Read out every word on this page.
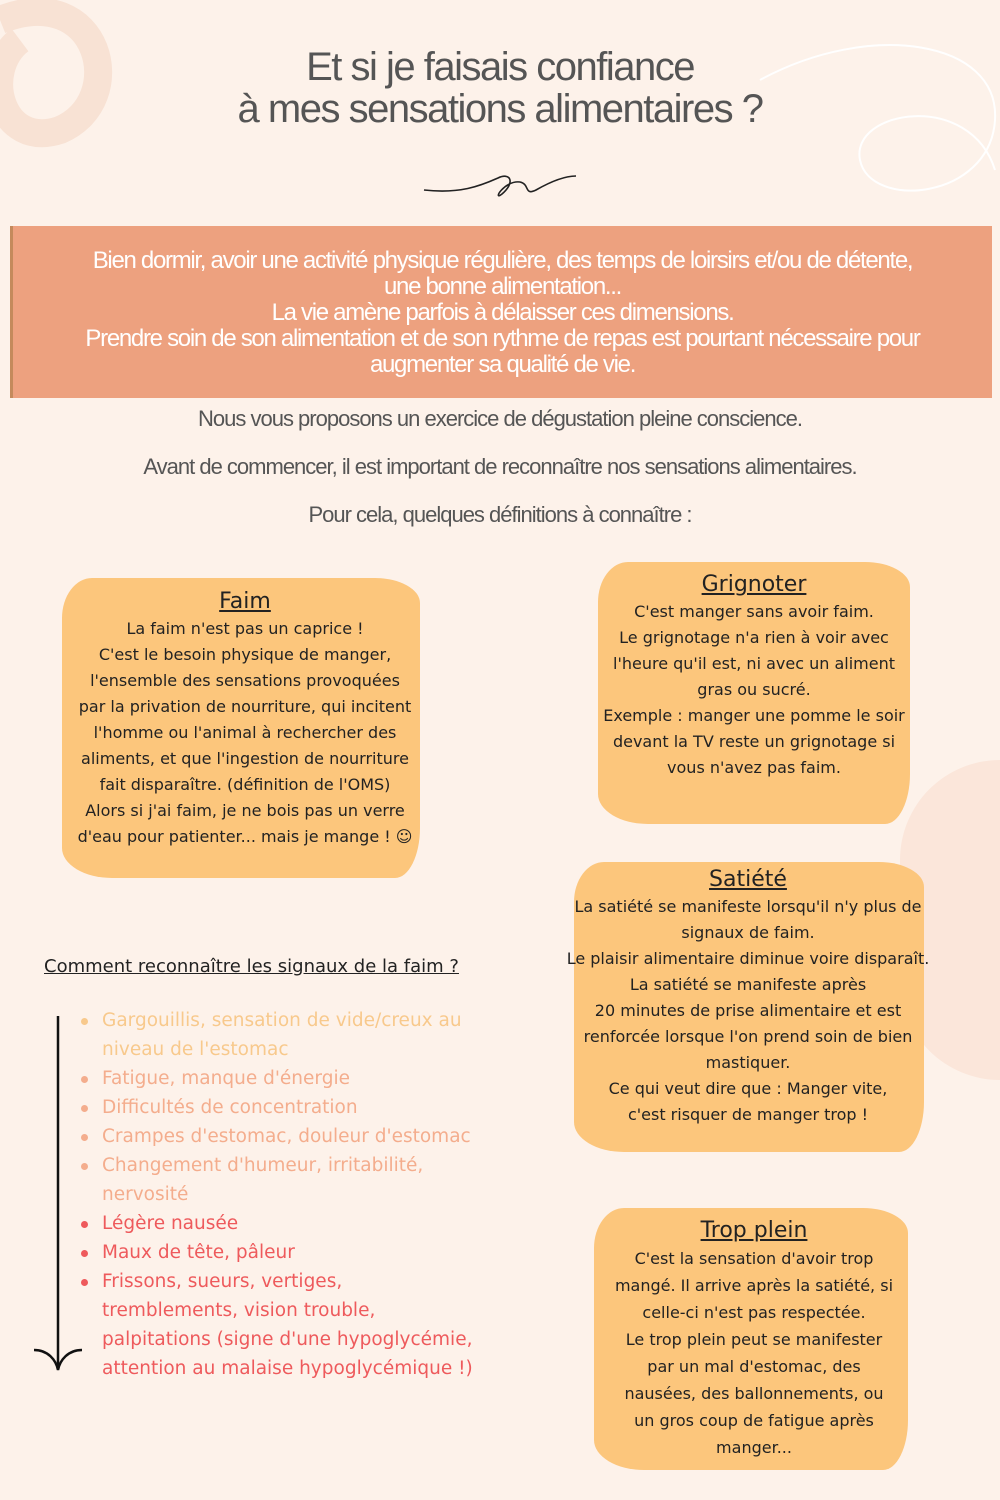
Et si je faisais confiance
à mes sensations alimentaires ?
Bien dormir, avoir une activité physique régulière, des temps de loirsirs et/ou de détente,
une bonne alimentation...
La vie amène parfois à délaisser ces dimensions.
Prendre soin de son alimentation et de son rythme de repas est pourtant nécessaire pour
augmenter sa qualité de vie.
Nous vous proposons un exercice de dégustation pleine conscience.
Avant de commencer, il est important de reconnaître nos sensations alimentaires.
Pour cela, quelques définitions à connaître :
Faim
La faim n'est pas un caprice !
C'est le besoin physique de manger,
l'ensemble des sensations provoquées
par la privation de nourriture, qui incitent
l'homme ou l'animal à rechercher des
aliments, et que l'ingestion de nourriture
fait disparaître. (définition de l'OMS)
Alors si j'ai faim, je ne bois pas un verre
d'eau pour patienter... mais je mange ! ☺
Grignoter
C'est manger sans avoir faim.
Le grignotage n'a rien à voir avec
l'heure qu'il est, ni avec un aliment
gras ou sucré.
Exemple : manger une pomme le soir
devant la TV reste un grignotage si
vous n'avez pas faim.
Satiété
La satiété se manifeste lorsqu'il n'y plus de
signaux de faim.
Le plaisir alimentaire diminue voire disparaît.
La satiété se manifeste après
20 minutes de prise alimentaire et est
renforcée lorsque l'on prend soin de bien
mastiquer.
Ce qui veut dire que : Manger vite,
c'est risquer de manger trop !
Trop plein
C'est la sensation d'avoir trop
mangé. Il arrive après la satiété, si
celle-ci n'est pas respectée.
Le trop plein peut se manifester
par un mal d'estomac, des
nausées, des ballonnements, ou
un gros coup de fatigue après
manger...
Comment reconnaître les signaux de la faim ?
Gargouillis, sensation de vide/creux au niveau de l'estomac
Fatigue, manque d'énergie
Difficultés de concentration
Crampes d'estomac, douleur d'estomac
Changement d'humeur, irritabilité, nervosité
Légère nausée
Maux de tête, pâleur
Frissons, sueurs, vertiges, tremblements, vision trouble, palpitations (signe d'une hypoglycémie, attention au malaise hypoglycémique !)
